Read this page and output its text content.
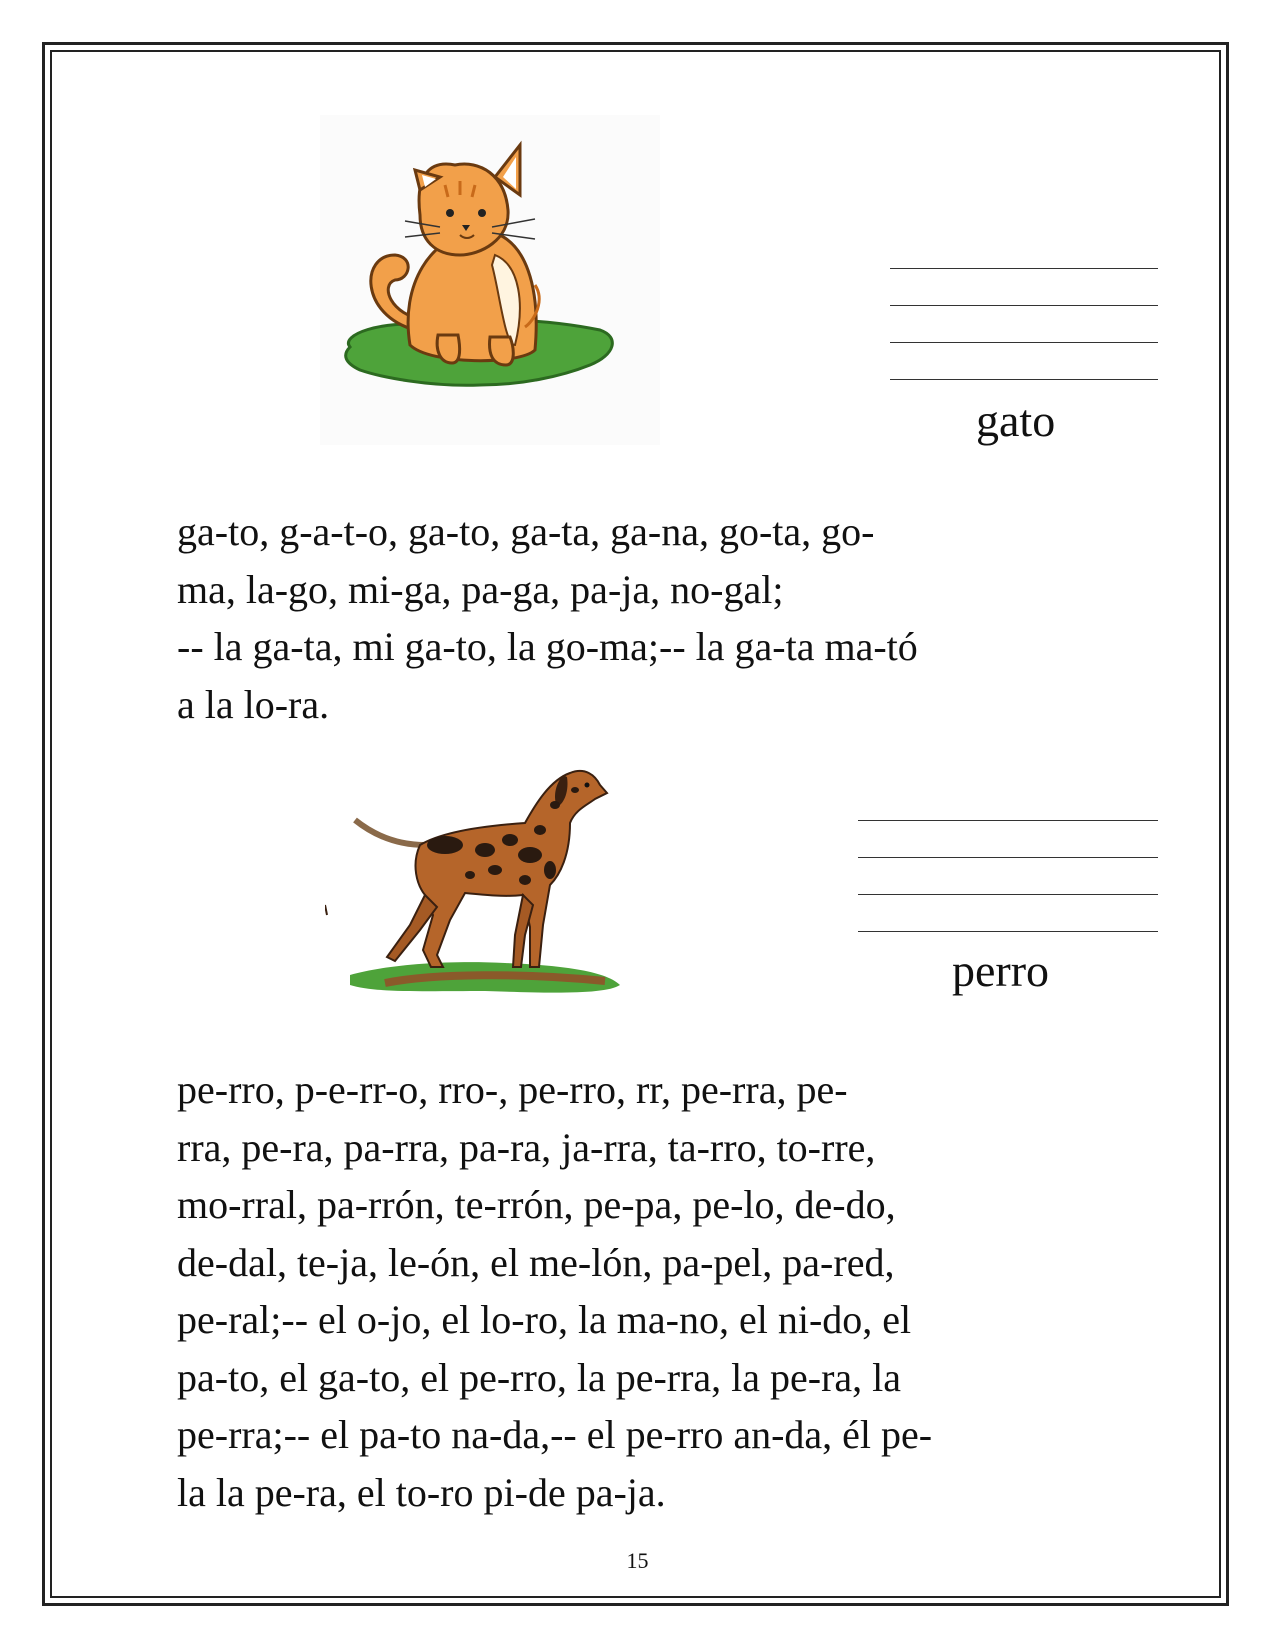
gato
ga-to, g-a-t-o, ga-to, ga-ta, ga-na, go-ta, go-
ma, la-go, mi-ga, pa-ga, pa-ja, no-gal;
-- la ga-ta, mi ga-to, la go-ma;-- la ga-ta ma-tó
a la lo-ra.
perro
pe-rro, p-e-rr-o, rro-, pe-rro, rr, pe-rra, pe-
rra, pe-ra, pa-rra, pa-ra, ja-rra, ta-rro, to-rre,
mo-rral, pa-rrón, te-rrón, pe-pa, pe-lo, de-do,
de-dal, te-ja, le-ón, el me-lón, pa-pel, pa-red,
pe-ral;-- el o-jo, el lo-ro, la ma-no, el ni-do, el
pa-to, el ga-to, el pe-rro, la pe-rra, la pe-ra, la
pe-rra;-- el pa-to na-da,-- el pe-rro an-da, él pe-
la la pe-ra, el to-ro pi-de pa-ja.
15
